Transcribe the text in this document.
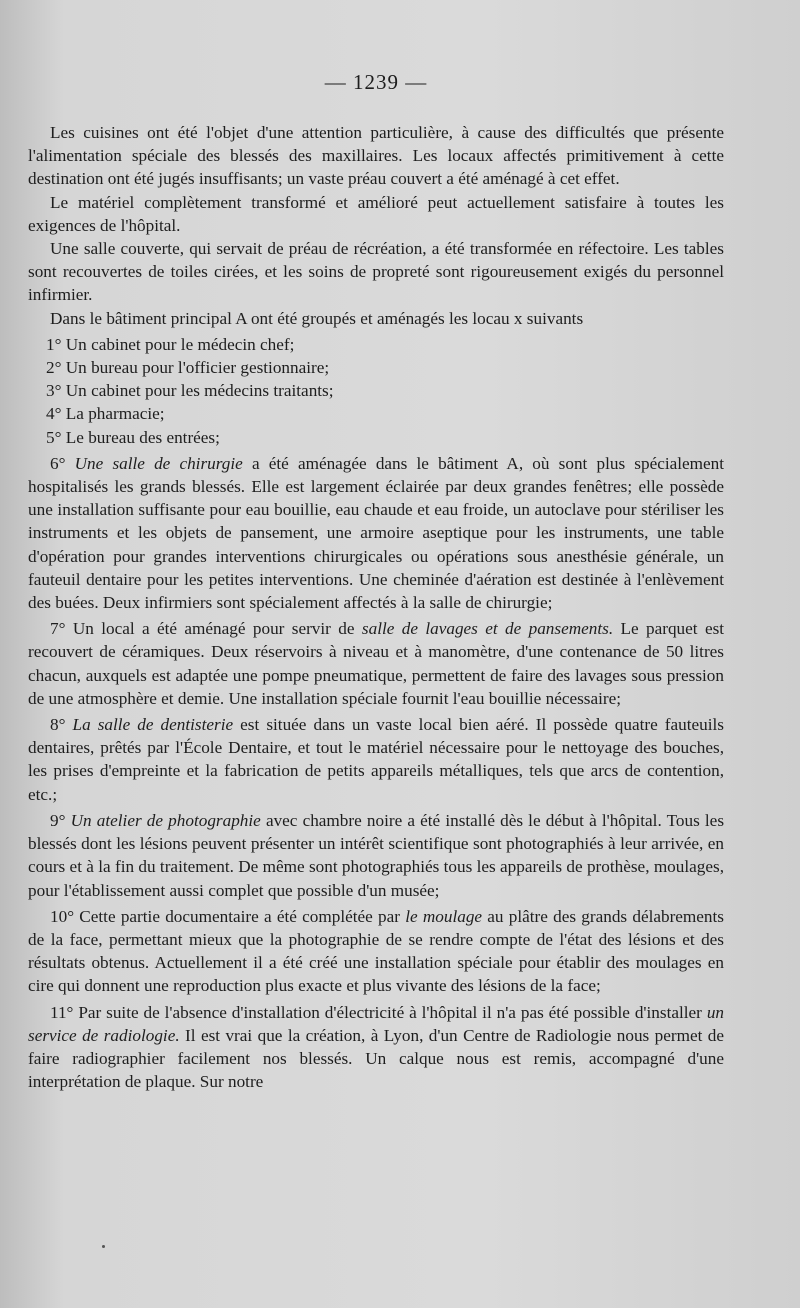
— 1239 —

Les cuisines ont été l'objet d'une attention particulière, à cause des difficultés que présente l'alimentation spéciale des blessés des maxillaires. Les locaux affectés primitivement à cette destination ont été jugés insuffisants; un vaste préau couvert a été aménagé à cet effet.

Le matériel complètement transformé et amélioré peut actuellement satisfaire à toutes les exigences de l'hôpital.

Une salle couverte, qui servait de préau de récréation, a été transformée en réfectoire. Les tables sont recouvertes de toiles cirées, et les soins de propreté sont rigoureusement exigés du personnel infirmier.

Dans le bâtiment principal A ont été groupés et aménagés les locau x suivants

1° Un cabinet pour le médecin chef;

2° Un bureau pour l'officier gestionnaire;

3° Un cabinet pour les médecins traitants;

4° La pharmacie;

5° Le bureau des entrées;

6° Une salle de chirurgie a été aménagée dans le bâtiment A, où sont plus spécialement hospitalisés les grands blessés. Elle est largement éclairée par deux grandes fenêtres; elle possède une installation suffisante pour eau bouillie, eau chaude et eau froide, un autoclave pour stériliser les instruments et les objets de pansement, une armoire aseptique pour les instruments, une table d'opération pour grandes interventions chirurgicales ou opérations sous anesthésie générale, un fauteuil dentaire pour les petites interventions. Une cheminée d'aération est destinée à l'enlèvement des buées. Deux infirmiers sont spécialement affectés à la salle de chirurgie;

7° Un local a été aménagé pour servir de salle de lavages et de pansements. Le parquet est recouvert de céramiques. Deux réservoirs à niveau et à manomètre, d'une contenance de 50 litres chacun, auxquels est adaptée une pompe pneumatique, permettent de faire des lavages sous pression de une atmosphère et demie. Une installation spéciale fournit l'eau bouillie nécessaire;

8° La salle de dentisterie est située dans un vaste local bien aéré. Il possède quatre fauteuils dentaires, prêtés par l'École Dentaire, et tout le matériel nécessaire pour le nettoyage des bouches, les prises d'empreinte et la fabrication de petits appareils métalliques, tels que arcs de contention, etc.;

9° Un atelier de photographie avec chambre noire a été installé dès le début à l'hôpital. Tous les blessés dont les lésions peuvent présenter un intérêt scientifique sont photographiés à leur arrivée, en cours et à la fin du traitement. De même sont photographiés tous les appareils de prothèse, moulages, pour l'établissement aussi complet que possible d'un musée;

10° Cette partie documentaire a été complétée par le moulage au plâtre des grands délabrements de la face, permettant mieux que la photographie de se rendre compte de l'état des lésions et des résultats obtenus. Actuellement il a été créé une installation spéciale pour établir des moulages en cire qui donnent une reproduction plus exacte et plus vivante des lésions de la face;

11° Par suite de l'absence d'installation d'électricité à l'hôpital il n'a pas été possible d'installer un service de radiologie. Il est vrai que la création, à Lyon, d'un Centre de Radiologie nous permet de faire radiographier facilement nos blessés. Un calque nous est remis, accompagné d'une interprétation de plaque. Sur notre
